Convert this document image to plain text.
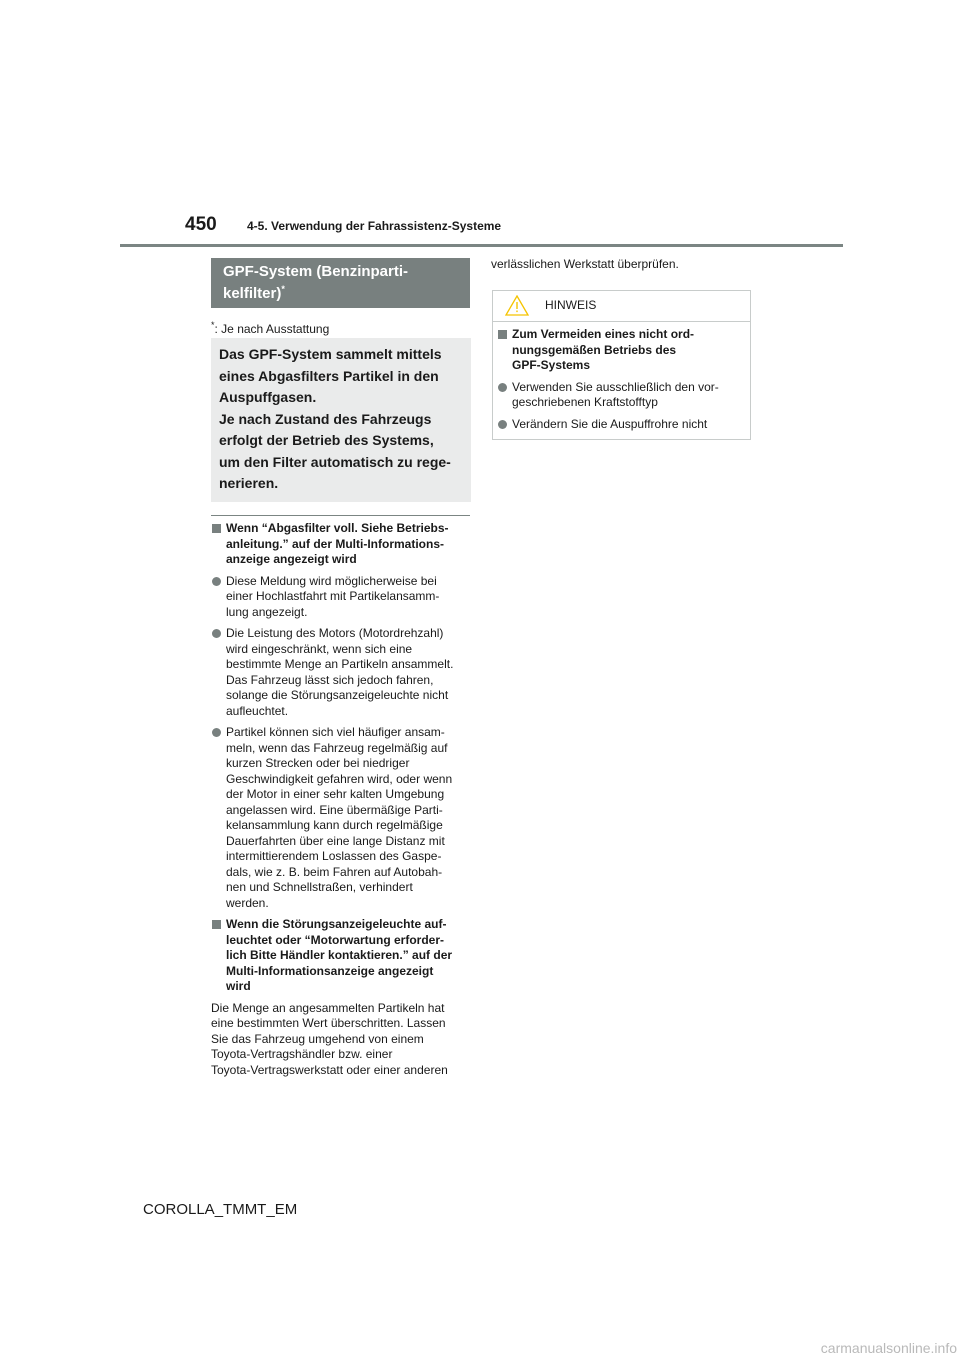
450	4-5. Verwendung der Fahrassistenz-Systeme
GPF-System (Benzinparti-
kelfilter)*
*: Je nach Ausstattung
Das GPF-System sammelt mittels
eines Abgasfilters Partikel in den
Auspuffgasen.
Je nach Zustand des Fahrzeugs
erfolgt der Betrieb des Systems,
um den Filter automatisch zu rege-
nerieren.
Wenn “Abgasfilter voll. Siehe Betriebs-
anleitung.” auf der Multi-Informations-
anzeige angezeigt wird
Diese Meldung wird möglicherweise bei
einer Hochlastfahrt mit Partikelansamm-
lung angezeigt.
Die Leistung des Motors (Motordrehzahl)
wird eingeschränkt, wenn sich eine
bestimmte Menge an Partikeln ansammelt.
Das Fahrzeug lässt sich jedoch fahren,
solange die Störungsanzeigeleuchte nicht
aufleuchtet.
Partikel können sich viel häufiger ansam-
meln, wenn das Fahrzeug regelmäßig auf
kurzen Strecken oder bei niedriger
Geschwindigkeit gefahren wird, oder wenn
der Motor in einer sehr kalten Umgebung
angelassen wird. Eine übermäßige Parti-
kelansammlung kann durch regelmäßige
Dauerfahrten über eine lange Distanz mit
intermittierendem Loslassen des Gaspe-
dals, wie z. B. beim Fahren auf Autobah-
nen und Schnellstraßen, verhindert
werden.
Wenn die Störungsanzeigeleuchte auf-
leuchtet oder “Motorwartung erforder-
lich Bitte Händler kontaktieren.” auf der
Multi-Informationsanzeige angezeigt
wird
Die Menge an angesammelten Partikeln hat
eine bestimmten Wert überschritten. Lassen
Sie das Fahrzeug umgehend von einem
Toyota-Vertragshändler bzw. einer
Toyota-Vertragswerkstatt oder einer anderen
verlässlichen Werkstatt überprüfen.
HINWEIS
Zum Vermeiden eines nicht ord-
nungsgemäßen Betriebs des
GPF-Systems
Verwenden Sie ausschließlich den vor-
geschriebenen Kraftstofftyp
Verändern Sie die Auspuffrohre nicht
COROLLA_TMMT_EM
carmanualsonline.info
